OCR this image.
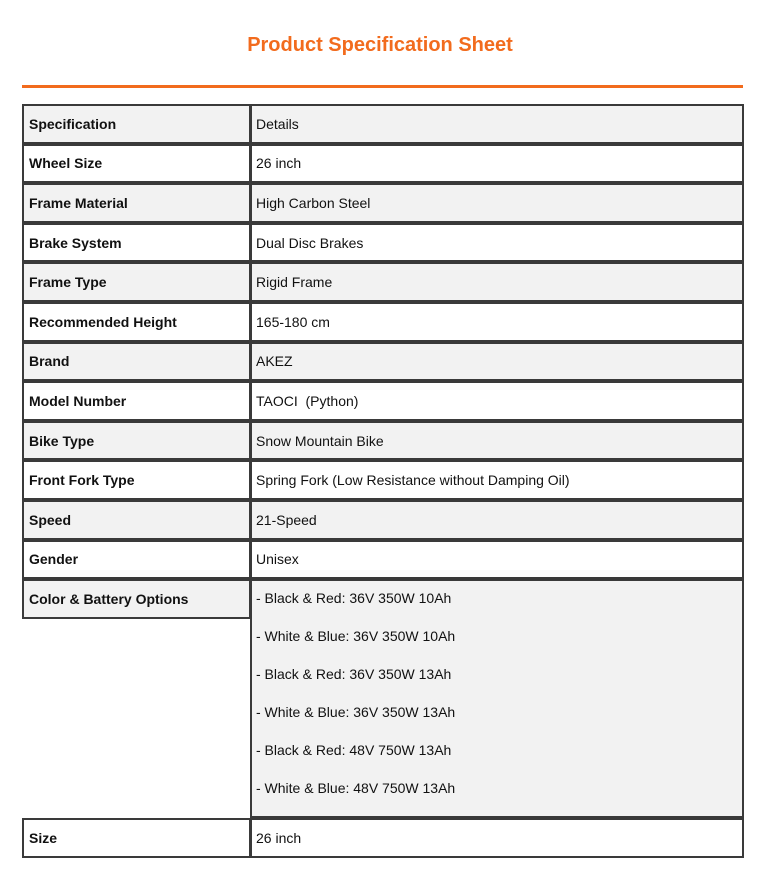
Product Specification Sheet
Specification	Details
Wheel Size	26 inch
Frame Material	High Carbon Steel
Brake System	Dual Disc Brakes
Frame Type	Rigid Frame
Recommended Height	165-180 cm
Brand	AKEZ
Model Number	TAOCI  (Python)
Bike Type	Snow Mountain Bike
Front Fork Type	Spring Fork (Low Resistance without Damping Oil)
Speed	21-Speed
Gender	Unisex
Color & Battery Options	- Black & Red: 36V 350W 10Ah
- White & Blue: 36V 350W 10Ah
- Black & Red: 36V 350W 13Ah
- White & Blue: 36V 350W 13Ah
- Black & Red: 48V 750W 13Ah
- White & Blue: 48V 750W 13Ah
Size	26 inch
